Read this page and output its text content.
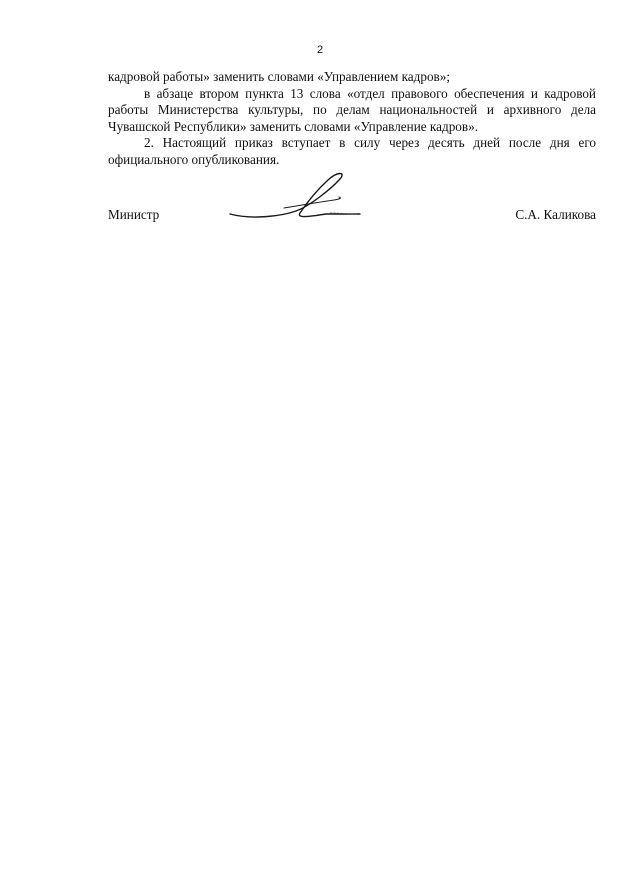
2

кадровой работы» заменить словами «Управлением кадров»;

в абзаце втором пункта 13 слова «отдел правового обеспечения и кадровой работы Министерства культуры, по делам национальностей и архивного дела Чувашской Республики» заменить словами «Управление кадров».

2. Настоящий приказ вступает в силу через десять дней после дня его официального опубликования.

Министр	С.А. Каликова
